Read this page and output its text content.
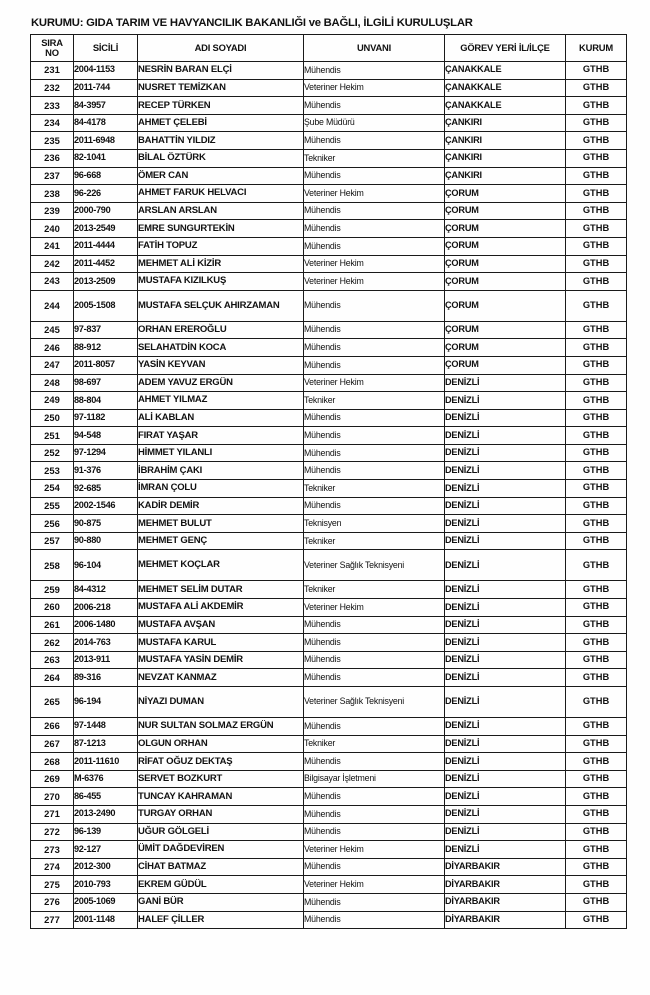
KURUMU: GIDA TARIM VE HAVYANCILIK BAKANLIĞI ve BAĞLI, İLGİLİ KURULUŞLAR
SIRA
NO	SİCİLİ	ADI SOYADI	UNVANI	GÖREV YERİ İL/İLÇE	KURUM
231	2004-1153	NESRİN BARAN ELÇİ	Mühendis	ÇANAKKALE	GTHB
232	2011-744	NUSRET TEMİZKAN	Veteriner Hekim	ÇANAKKALE	GTHB
233	84-3957	RECEP TÜRKEN	Mühendis	ÇANAKKALE	GTHB
234	84-4178	AHMET ÇELEBİ	Şube Müdürü	ÇANKIRI	GTHB
235	2011-6948	BAHATTİN YILDIZ	Mühendis	ÇANKIRI	GTHB
236	82-1041	BİLAL ÖZTÜRK	Tekniker	ÇANKIRI	GTHB
237	96-668	ÖMER CAN	Mühendis	ÇANKIRI	GTHB
238	96-226	AHMET FARUK HELVACI	Veteriner Hekim	ÇORUM	GTHB
239	2000-790	ARSLAN ARSLAN	Mühendis	ÇORUM	GTHB
240	2013-2549	EMRE SUNGURTEKİN	Mühendis	ÇORUM	GTHB
241	2011-4444	FATİH TOPUZ	Mühendis	ÇORUM	GTHB
242	2011-4452	MEHMET ALİ KİZİR	Veteriner Hekim	ÇORUM	GTHB
243	2013-2509	MUSTAFA KIZILKUŞ	Veteriner Hekim	ÇORUM	GTHB
244	2005-1508	MUSTAFA SELÇUK AHIRZAMAN	Mühendis	ÇORUM	GTHB
245	97-837	ORHAN EREROĞLU	Mühendis	ÇORUM	GTHB
246	88-912	SELAHATDİN KOCA	Mühendis	ÇORUM	GTHB
247	2011-8057	YASİN KEYVAN	Mühendis	ÇORUM	GTHB
248	98-697	ADEM YAVUZ ERGÜN	Veteriner Hekim	DENİZLİ	GTHB
249	88-804	AHMET YILMAZ	Tekniker	DENİZLİ	GTHB
250	97-1182	ALİ KABLAN	Mühendis	DENİZLİ	GTHB
251	94-548	FIRAT YAŞAR	Mühendis	DENİZLİ	GTHB
252	97-1294	HİMMET YILANLI	Mühendis	DENİZLİ	GTHB
253	91-376	İBRAHİM ÇAKI	Mühendis	DENİZLİ	GTHB
254	92-685	İMRAN ÇOLU	Tekniker	DENİZLİ	GTHB
255	2002-1546	KADİR DEMİR	Mühendis	DENİZLİ	GTHB
256	90-875	MEHMET BULUT	Teknisyen	DENİZLİ	GTHB
257	90-880	MEHMET GENÇ	Tekniker	DENİZLİ	GTHB
258	96-104	MEHMET KOÇLAR	Veteriner Sağlık Teknisyeni	DENİZLİ	GTHB
259	84-4312	MEHMET SELİM DUTAR	Tekniker	DENİZLİ	GTHB
260	2006-218	MUSTAFA ALİ AKDEMİR	Veteriner Hekim	DENİZLİ	GTHB
261	2006-1480	MUSTAFA AVŞAN	Mühendis	DENİZLİ	GTHB
262	2014-763	MUSTAFA KARUL	Mühendis	DENİZLİ	GTHB
263	2013-911	MUSTAFA YASİN DEMİR	Mühendis	DENİZLİ	GTHB
264	89-316	NEVZAT KANMAZ	Mühendis	DENİZLİ	GTHB
265	96-194	NİYAZI DUMAN	Veteriner Sağlık Teknisyeni	DENİZLİ	GTHB
266	97-1448	NUR SULTAN SOLMAZ ERGÜN	Mühendis	DENİZLİ	GTHB
267	87-1213	OLGUN ORHAN	Tekniker	DENİZLİ	GTHB
268	2011-11610	RİFAT OĞUZ DEKTAŞ	Mühendis	DENİZLİ	GTHB
269	M-6376	SERVET BOZKURT	Bilgisayar İşletmeni	DENİZLİ	GTHB
270	86-455	TUNCAY KAHRAMAN	Mühendis	DENİZLİ	GTHB
271	2013-2490	TURGAY ORHAN	Mühendis	DENİZLİ	GTHB
272	96-139	UĞUR GÖLGELİ	Mühendis	DENİZLİ	GTHB
273	92-127	ÜMİT DAĞDEVİREN	Veteriner Hekim	DENİZLİ	GTHB
274	2012-300	CİHAT BATMAZ	Mühendis	DİYARBAKIR	GTHB
275	2010-793	EKREM GÜDÜL	Veteriner Hekim	DİYARBAKIR	GTHB
276	2005-1069	GANİ BÜR	Mühendis	DİYARBAKIR	GTHB
277	2001-1148	HALEF ÇİLLER	Mühendis	DİYARBAKIR	GTHB
